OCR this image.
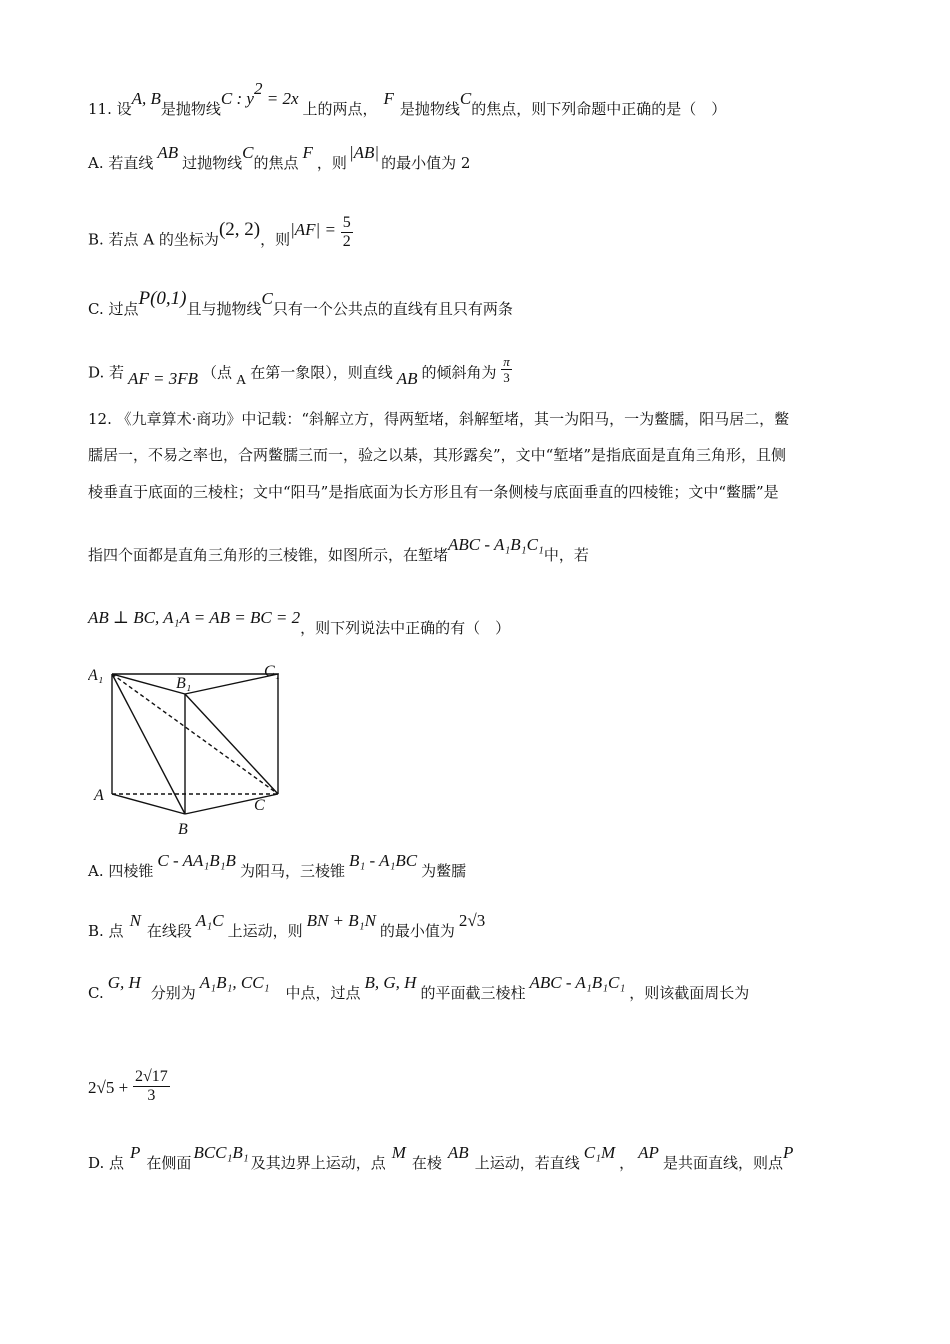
11. 设A, B是抛物线C : $y^2 = 2x$上的两点，F是抛物线C的焦点，则下列命题中正确的是（　）
A. 若直线AB过抛物线C的焦点F，则|AB|的最小值为 2
B. 若点 A 的坐标为(2, 2)，则$|AF| = \frac{5}{2}$
C. 过点P(0,1)且与抛物线C只有一个公共点的直线有且只有两条
D. 若 AF = 3FB （点 A 在第一象限），则直线 AB 的倾斜角为 $\frac{\pi}{3}$
12. 《九章算术·商功》中记载：“斜解立方，得两堑堵，斜解堑堵，其一为阳马，一为鳖臑，阳马居二，鳖
臑居一，不易之率也，合两鳖臑三而一，验之以棊，其形露矣”，文中“堑堵”是指底面是直角三角形，且侧
棱垂直于底面的三棱柱；文中“阳马”是指底面为长方形且有一条侧棱与底面垂直的四棱锥；文中“鳖臑”是
指四个面都是直角三角形的三棱锥，如图所示，在堑堵ABC - A₁B₁C₁中，若
AB ⊥ BC, A₁A = AB = BC = 2，则下列说法中正确的有（　）
A₁	B₁
C₁
A
B
C
A. 四棱锥C - AA₁B₁B为阳马，三棱锥B₁ - A₁BC为鳖臑
B. 点N在线段A₁C上运动，则BN + B₁N的最小值为2√3
C.G, H分别为A₁B₁, CC₁中点，过点B, G, H的平面截三棱柱ABC - A₁B₁C₁，则该截面周长为
$2√5 + \frac{2√17}{3}$
D. 点P在侧面BCC₁B₁及其边界上运动，点M在棱AB上运动，若直线C₁M，AP是共面直线，则点P
